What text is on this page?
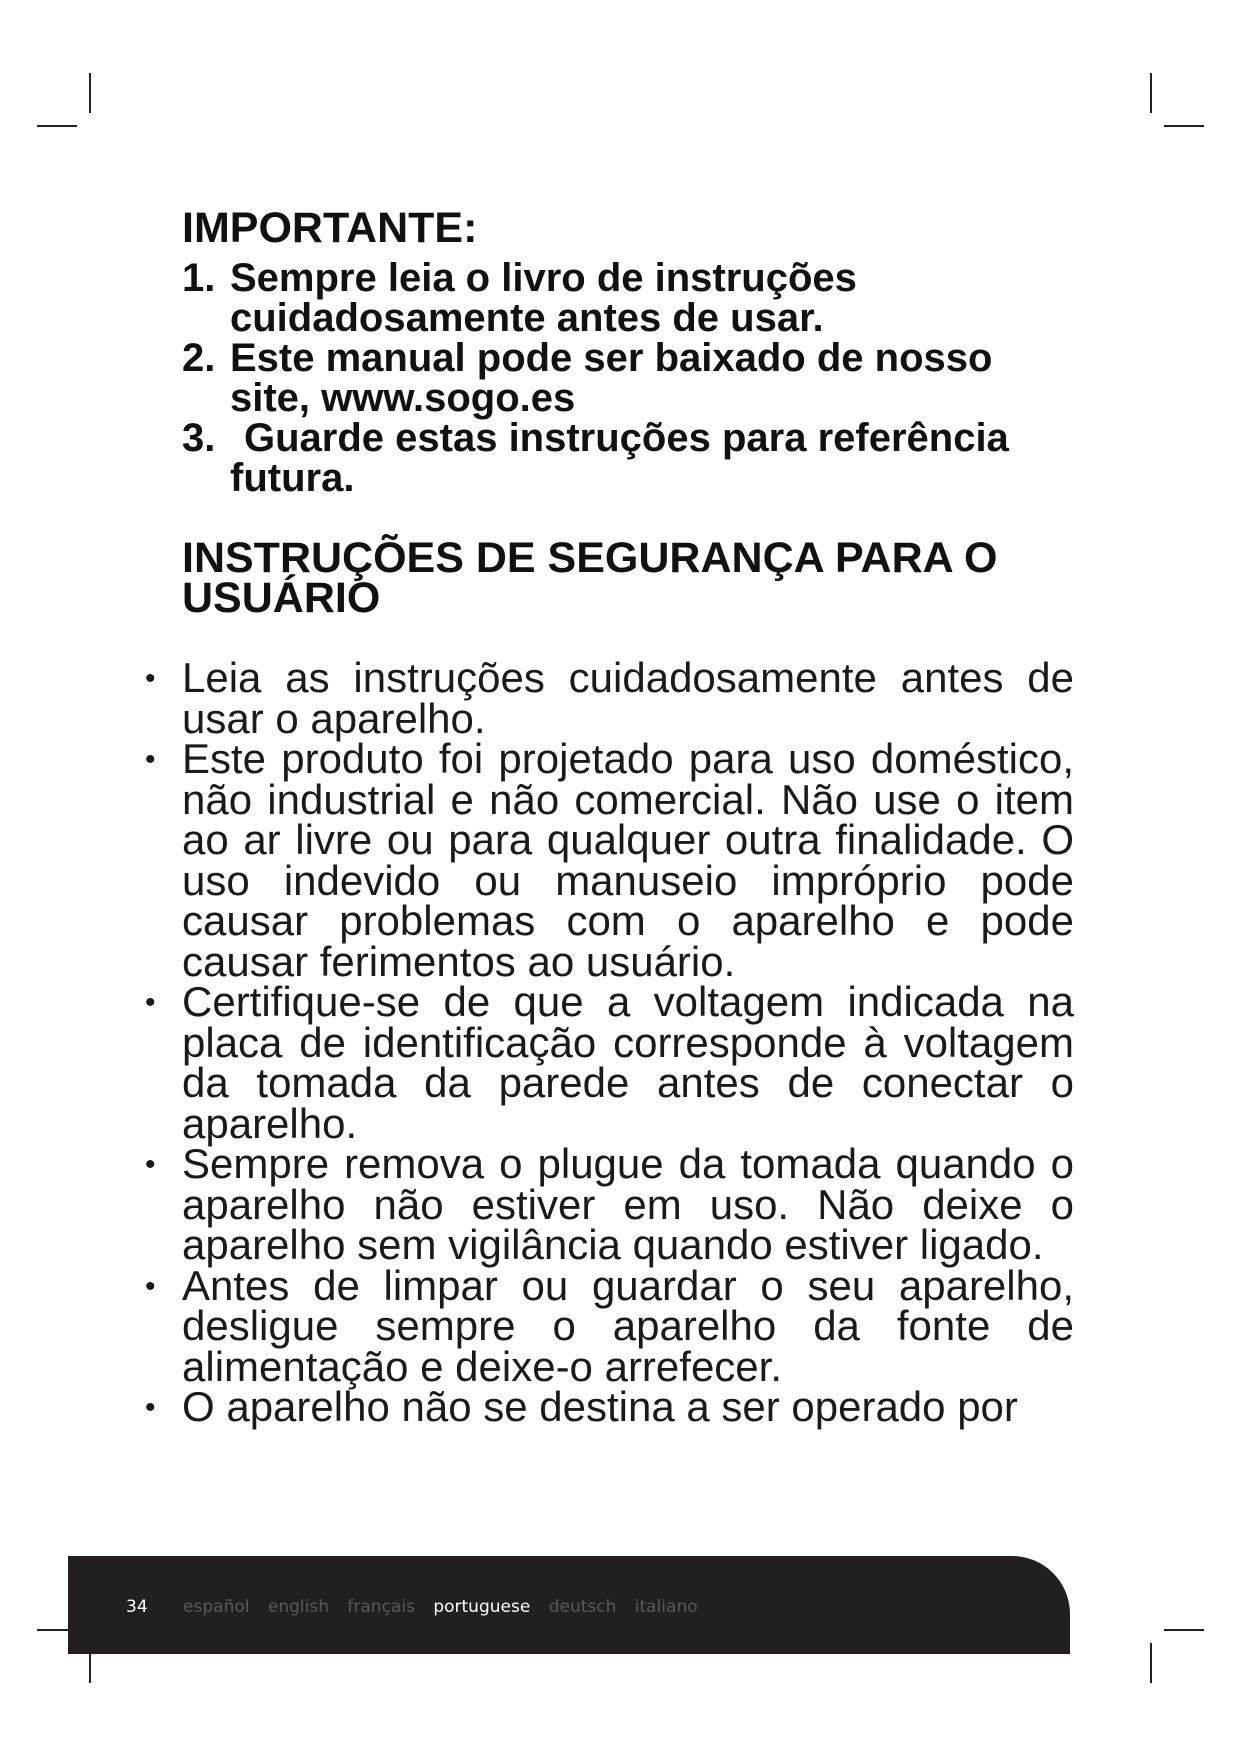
IMPORTANTE:
1. Sempre leia o livro de instruções cuidadosamente antes de usar.
2. Este manual pode ser baixado de nosso site, www.sogo.es
3. Guarde estas instruções para referência futura.
INSTRUÇÕES DE SEGURANÇA PARA O USUÁRIO
• Leia as instruções cuidadosamente antes de usar o aparelho.
• Este produto foi projetado para uso doméstico, não industrial e não comercial. Não use o item ao ar livre ou para qualquer outra finalidade. O uso indevido ou manuseio impróprio pode causar problemas com o aparelho e pode causar ferimentos ao usuário.
• Certifique-se de que a voltagem indicada na placa de identificação corresponde à voltagem da tomada da parede antes de conectar o aparelho.
• Sempre remova o plugue da tomada quando o aparelho não estiver em uso. Não deixe o aparelho sem vigilância quando estiver ligado.
• Antes de limpar ou guardar o seu aparelho, desligue sempre o aparelho da fonte de alimentação e deixe-o arrefecer.
• O aparelho não se destina a ser operado por
34 español english français portuguese deutsch italiano
